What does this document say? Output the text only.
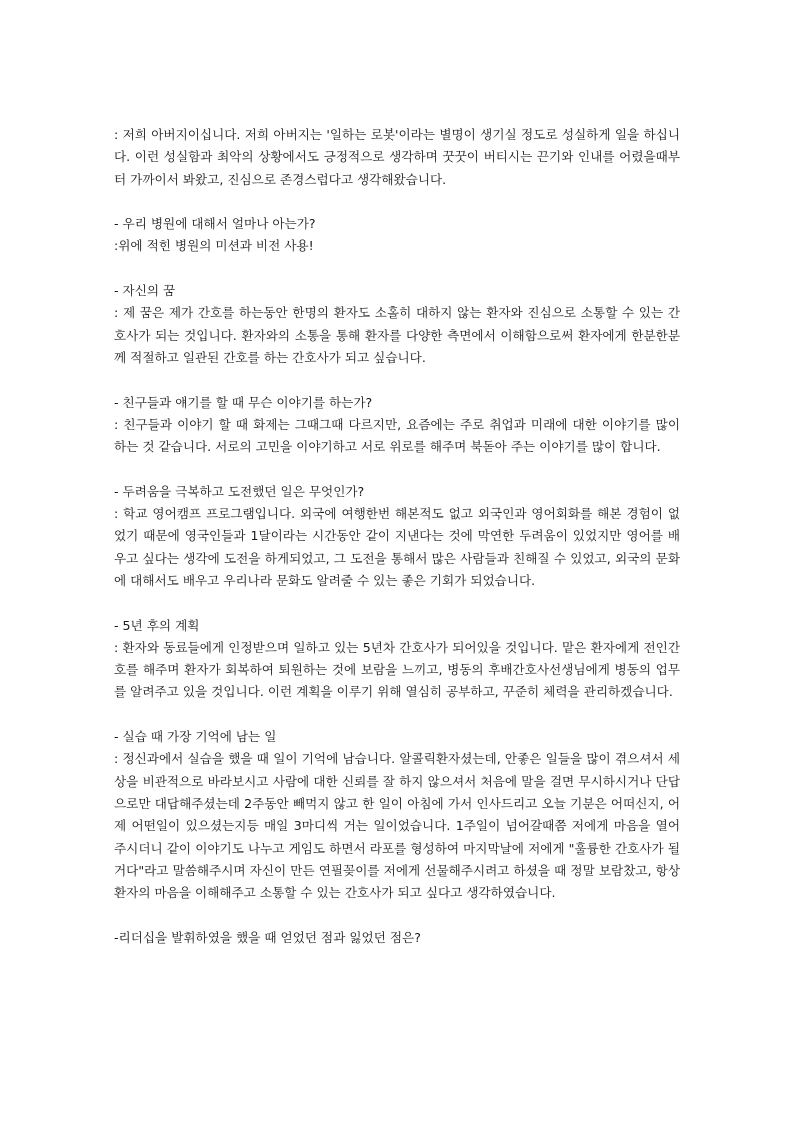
: 저희 아버지이십니다. 저희 아버지는 '일하는 로봇'이라는 별명이 생기실 정도로 성실하게 일을 하십니다. 이런 성실함과 최악의 상황에서도 긍정적으로 생각하며 꿋꿋이 버티시는 끈기와 인내를 어렸을때부터 가까이서 봐왔고, 진심으로 존경스럽다고 생각해왔습니다.

- 우리 병원에 대해서 얼마나 아는가?

:위에 적힌 병원의 미션과 비전 사용!

- 자신의 꿈

: 제 꿈은 제가 간호를 하는동안 한명의 환자도 소홀히 대하지 않는 환자와 진심으로 소통할 수 있는 간호사가 되는 것입니다. 환자와의 소통을 통해 환자를 다양한 측면에서 이해함으로써 환자에게 한분한분께 적절하고 일관된 간호를 하는 간호사가 되고 싶습니다.

- 친구들과 얘기를 할 때 무슨 이야기를 하는가?

: 친구들과 이야기 할 때 화제는 그때그때 다르지만, 요즘에는 주로 취업과 미래에 대한 이야기를 많이 하는 것 같습니다. 서로의 고민을 이야기하고 서로 위로를 해주며 북돋아 주는 이야기를 많이 합니다.

- 두려움을 극복하고 도전했던 일은 무엇인가?

: 학교 영어캠프 프로그램입니다. 외국에 여행한번 해본적도 없고 외국인과 영어회화를 해본 경험이 없었기 때문에 영국인들과 1달이라는 시간동안 같이 지낸다는 것에 막연한 두려움이 있었지만 영어를 배우고 싶다는 생각에 도전을 하게되었고, 그 도전을 통해서 많은 사람들과 친해질 수 있었고, 외국의 문화에 대해서도 배우고 우리나라 문화도 알려줄 수 있는 좋은 기회가 되었습니다.

- 5년 후의 계획

: 환자와 동료들에게 인정받으며 일하고 있는 5년차 간호사가 되어있을 것입니다. 맡은 환자에게 전인간호를 해주며 환자가 회복하여 퇴원하는 것에 보람을 느끼고, 병동의 후배간호사선생님에게 병동의 업무를 알려주고 있을 것입니다. 이런 계획을 이루기 위해 열심히 공부하고, 꾸준히 체력을 관리하겠습니다.

- 실습 때 가장 기억에 남는 일

: 정신과에서 실습을 했을 때 일이 기억에 남습니다. 알콜릭환자셨는데, 안좋은 일들을 많이 겪으셔서 세상을 비관적으로 바라보시고 사람에 대한 신뢰를 잘 하지 않으셔서 처음에 말을 걸면 무시하시거나 단답으로만 대답해주셨는데 2주동안 빼먹지 않고 한 일이 아침에 가서 인사드리고 오늘 기분은 어떠신지, 어제 어떤일이 있으셨는지등 매일 3마디씩 거는 일이었습니다. 1주일이 넘어갈때쯤 저에게 마음을 열어 주시더니 같이 이야기도 나누고 게임도 하면서 라포를 형성하여 마지막날에 저에게 "훌륭한 간호사가 될 거다"라고 말씀해주시며 자신이 만든 연필꽂이를 저에게 선물해주시려고 하셨을 때 정말 보람찼고, 항상 환자의 마음을 이해해주고 소통할 수 있는 간호사가 되고 싶다고 생각하였습니다.

-리더십을 발휘하였을 했을 때 얻었던 점과 잃었던 점은?
